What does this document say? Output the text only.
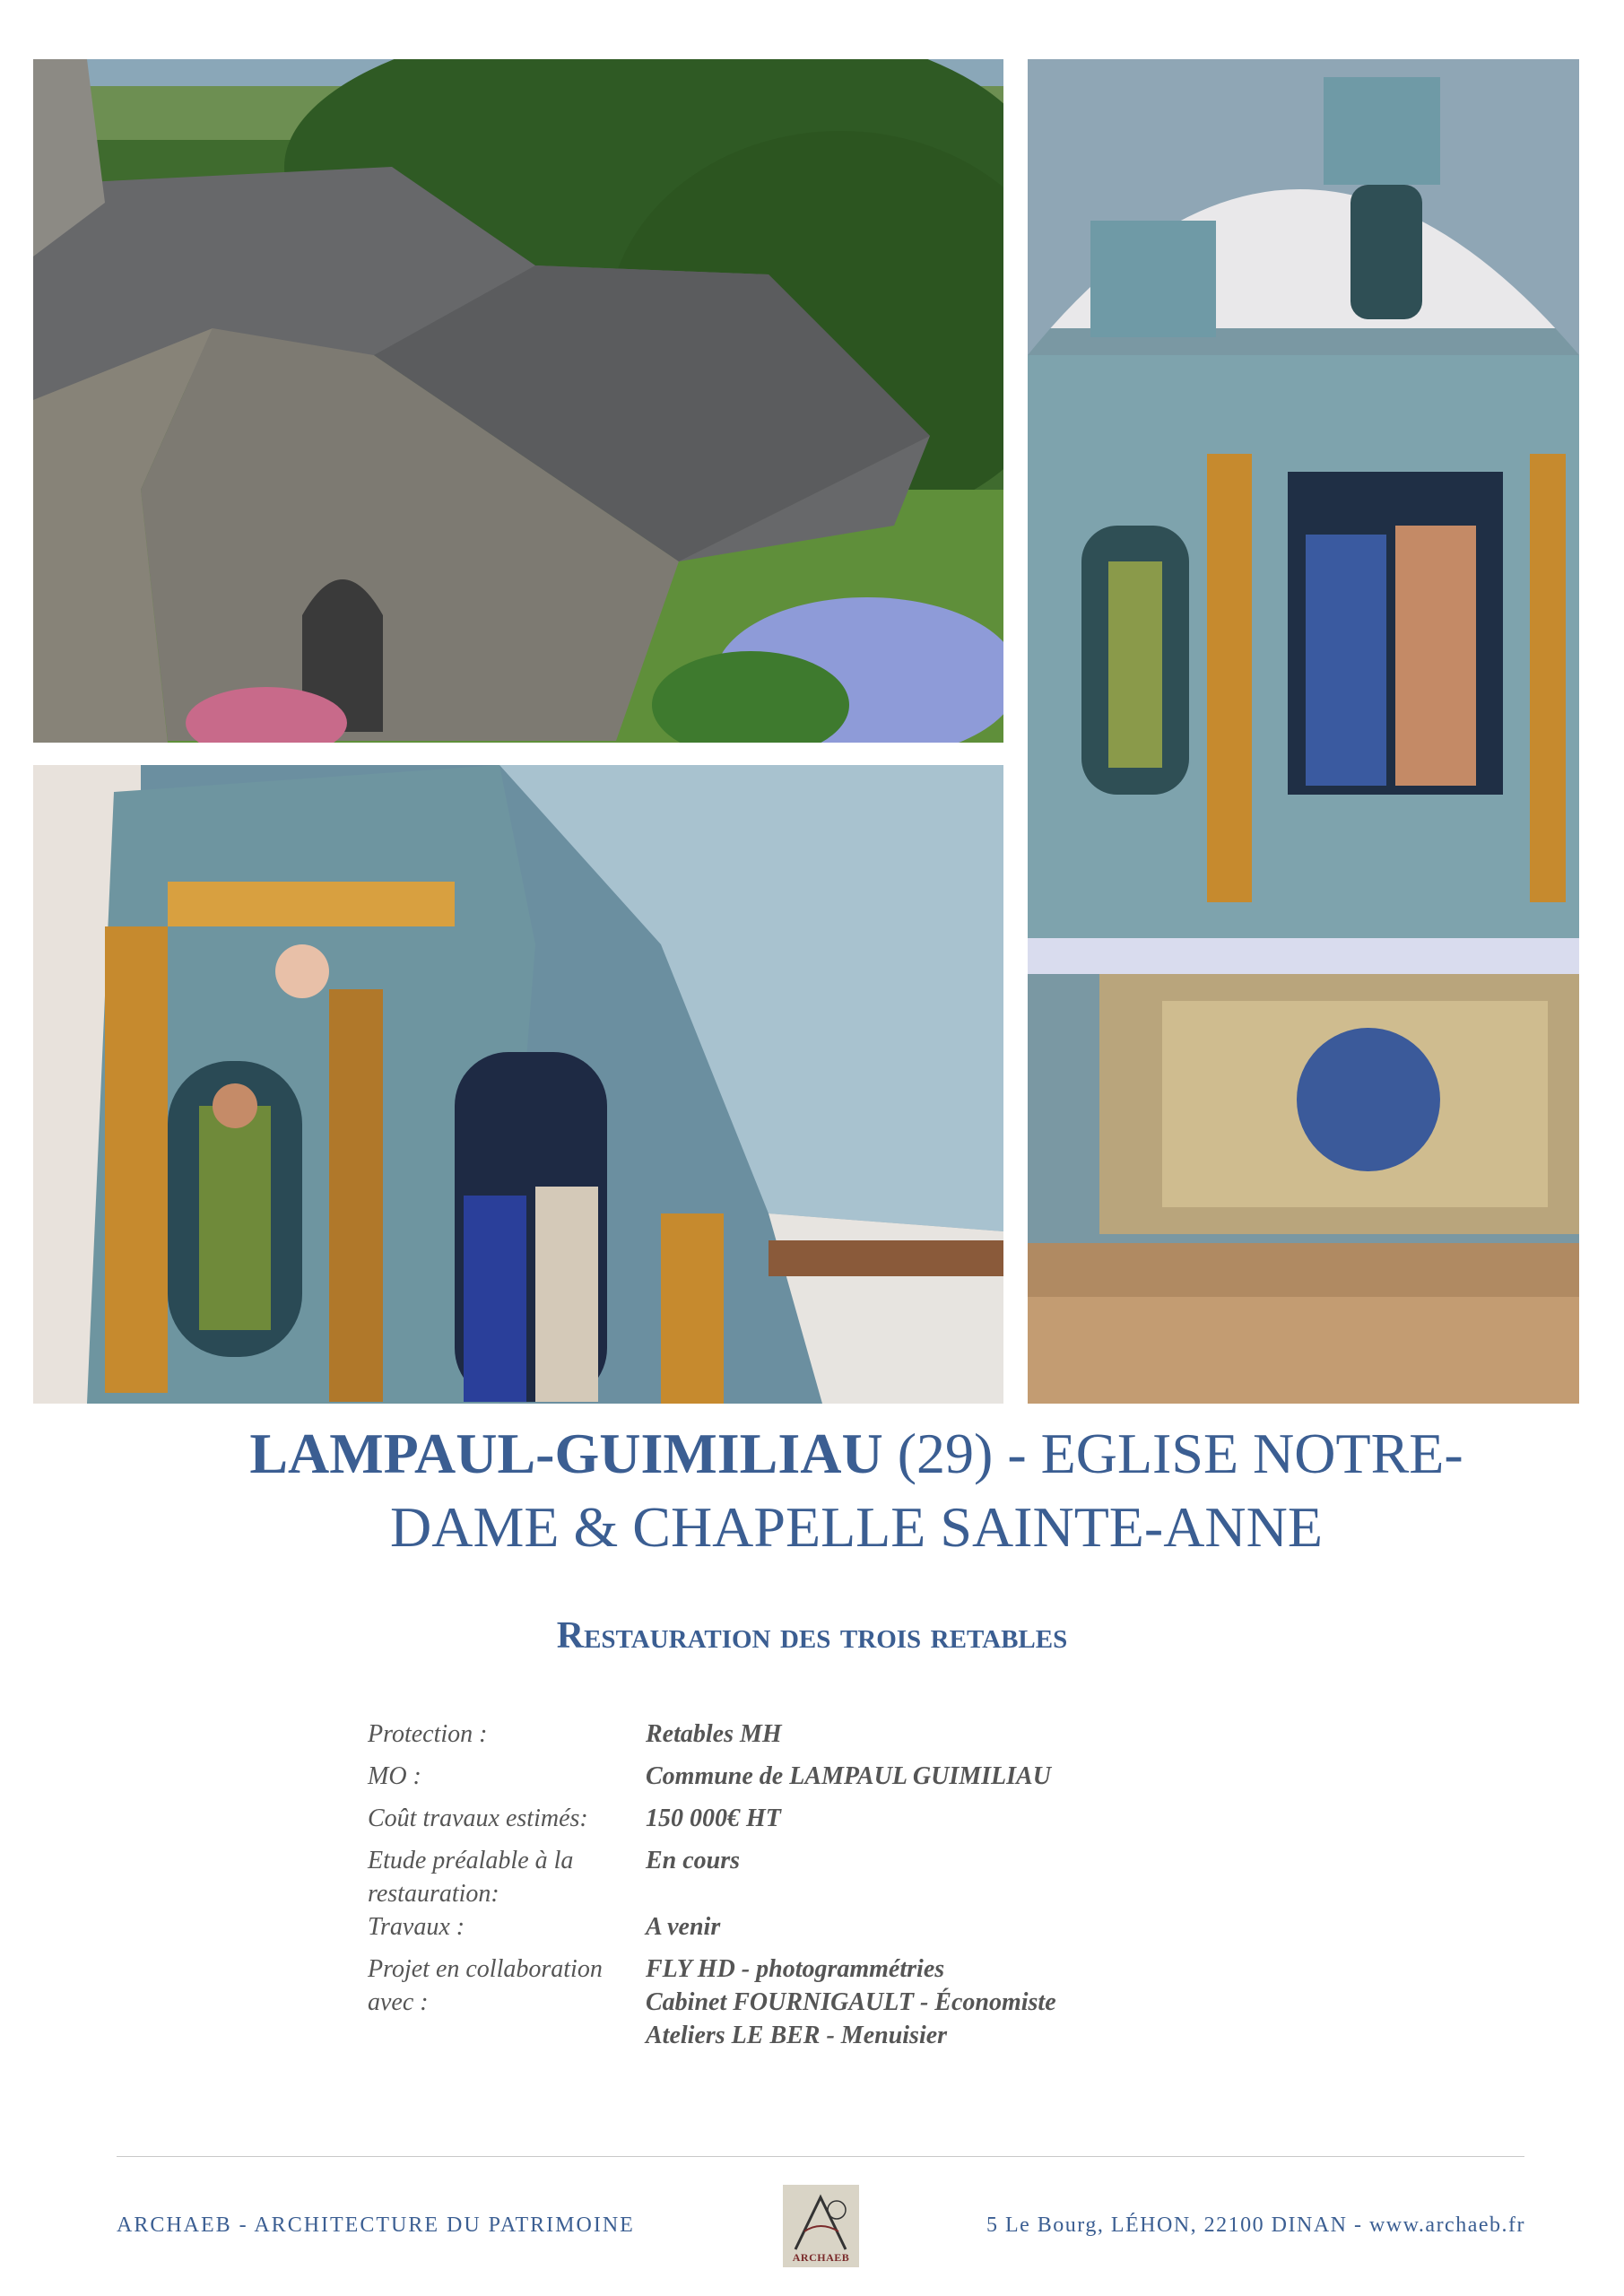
LAMPAUL-GUIMILIAU (29) - EGLISE NOTRE-
DAME & CHAPELLE SAINTE-ANNE
Restauration des trois retables
Protection :	Retables MH
MO :	Commune de LAMPAUL GUIMILIAU
Coût travaux estimés:	150 000€ HT
Etude préalable à la restauration:	En cours
Travaux :	A venir
Projet en collaboration avec :	FLY HD - photogrammétries
Cabinet FOURNIGAULT - Économiste
Ateliers LE BER - Menuisier
ARCHAEB - ARCHITECTURE DU PATRIMOINE
ARCHAEB
5 Le Bourg, LÉHON, 22100 DINAN - www.archaeb.fr
